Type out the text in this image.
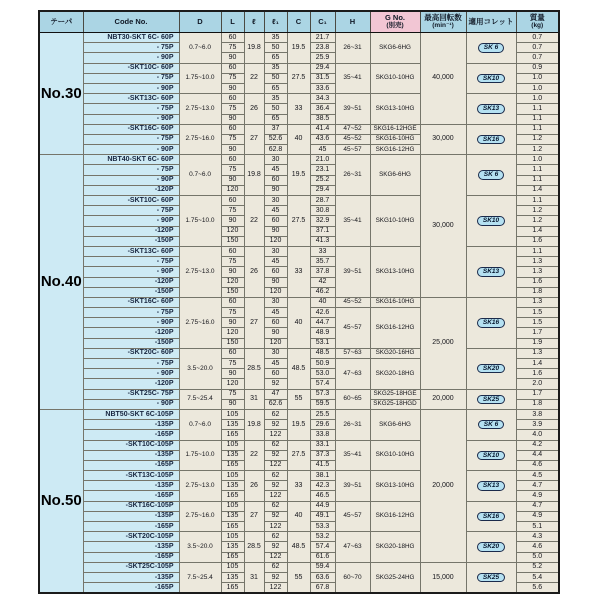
テーパ	Code No.	D	L	ℓ	ℓ₁	C	C₁	H	G No.
(別売)	最高回転数
(min⁻¹)	適用コレット	質量
(kg)

No.30	NBT30-SKT 6C- 60P	0.7~6.0	60	19.8	35	19.5	21.7	26~31	SKG6-6HG	40,000	SK 6	0.7
	- 75P		75		50		23.8					0.7
	- 90P		90		65		25.9					0.7
	-SKT10C- 60P	1.75~10.0	60	22	35	27.5	29.4	35~41	SKG10-10HG		SK10	0.9
	- 75P		75		50		31.5					1.0
	- 90P		90		65		33.6					1.0
	-SKT13C- 60P	2.75~13.0	60	26	35	33	34.3	39~51	SKG13-10HG		SK13	1.0
	- 75P		75		50		36.4					1.1
	- 90P		90		65		38.5					1.1
	-SKT16C- 60P	2.75~16.0	60	27	37	40	41.4	47~52	SKG16-12HGE	30,000	SK16	1.1
	- 75P		75		52.6		43.6	45~52	SKG16-10HG			1.2
	- 90P		90		62.8		45	45~57	SKG16-12HG			1.2
No.40	NBT40-SKT 6C- 60P	0.7~6.0	60	19.8	30	19.5	21.0	26~31	SKG6-6HG	30,000	SK 6	1.0
	- 75P		75		45		23.1					1.1
	- 90P		90		60		25.2					1.1
	-120P		120		90		29.4					1.4
	-SKT10C- 60P	1.75~10.0	60	22	30	27.5	28.7	35~41	SKG10-10HG		SK10	1.1
	- 75P		75		45		30.8					1.2
	- 90P		90		60		32.9					1.2
	-120P		120		90		37.1					1.4
	-150P		150		120		41.3					1.6
	-SKT13C- 60P	2.75~13.0	60	26	30	33	33	39~51	SKG13-10HG		SK13	1.1
	- 75P		75		45		35.7					1.3
	- 90P		90		60		37.8					1.3
	-120P		120		90		42					1.6
	-150P		150		120		46.2					1.8
	-SKT16C- 60P	2.75~16.0	60	27	30	40	40	45~52	SKG16-10HG	25,000	SK16	1.3
	- 75P		75		45		42.6	45~57	SKG16-12HG			1.5
	- 90P		90		60		44.7					1.5
	-120P		120		90		48.9					1.7
	-150P		150		120		53.1					1.9
	-SKT20C- 60P	3.5~20.0	60	28.5	30	48.5	48.5	57~63	SKG20-16HG		SK20	1.3
	- 75P		75		45		50.9	47~63	SKG20-18HG			1.4
	- 90P		90		60		53.0					1.6
	-120P		120		92		57.4					2.0
	-SKT25C- 75P	7.5~25.4	75	31	47	55	57.3	60~65	SKG25-18HGE	20,000	SK25	1.7
	- 90P		90		62.6		59.5		SKG25-18HGD			1.8
No.50	NBT50-SKT 6C-105P	0.7~6.0	105	19.8	62	19.5	25.5	26~31	SKG6-6HG	20,000	SK 6	3.8
	-135P		135		92		29.6					3.9
	-165P		165		122		33.8					4.0
	-SKT10C-105P	1.75~10.0	105	22	62	27.5	33.1	35~41	SKG10-10HG		SK10	4.2
	-135P		135		92		37.3					4.4
	-165P		165		122		41.5					4.6
	-SKT13C-105P	2.75~13.0	105	26	62	33	38.1	39~51	SKG13-10HG		SK13	4.5
	-135P		135		92		42.3					4.7
	-165P		165		122		46.5					4.9
	-SKT16C-105P	2.75~16.0	105	27	62	40	44.9	45~57	SKG16-12HG		SK16	4.7
	-135P		135		92		49.1					4.9
	-165P		165		122		53.3					5.1
	-SKT20C-105P	3.5~20.0	105	28.5	62	48.5	53.2	47~63	SKG20-18HG		SK20	4.3
	-135P		135		92		57.4					4.6
	-165P		165		122		61.6					5.0
	-SKT25C-105P	7.5~25.4	105	31	62	55	59.4	60~70	SKG25-24HG	15,000	SK25	5.2
	-135P		135		92		63.6					5.4
	-165P		165		122		67.8					5.6
